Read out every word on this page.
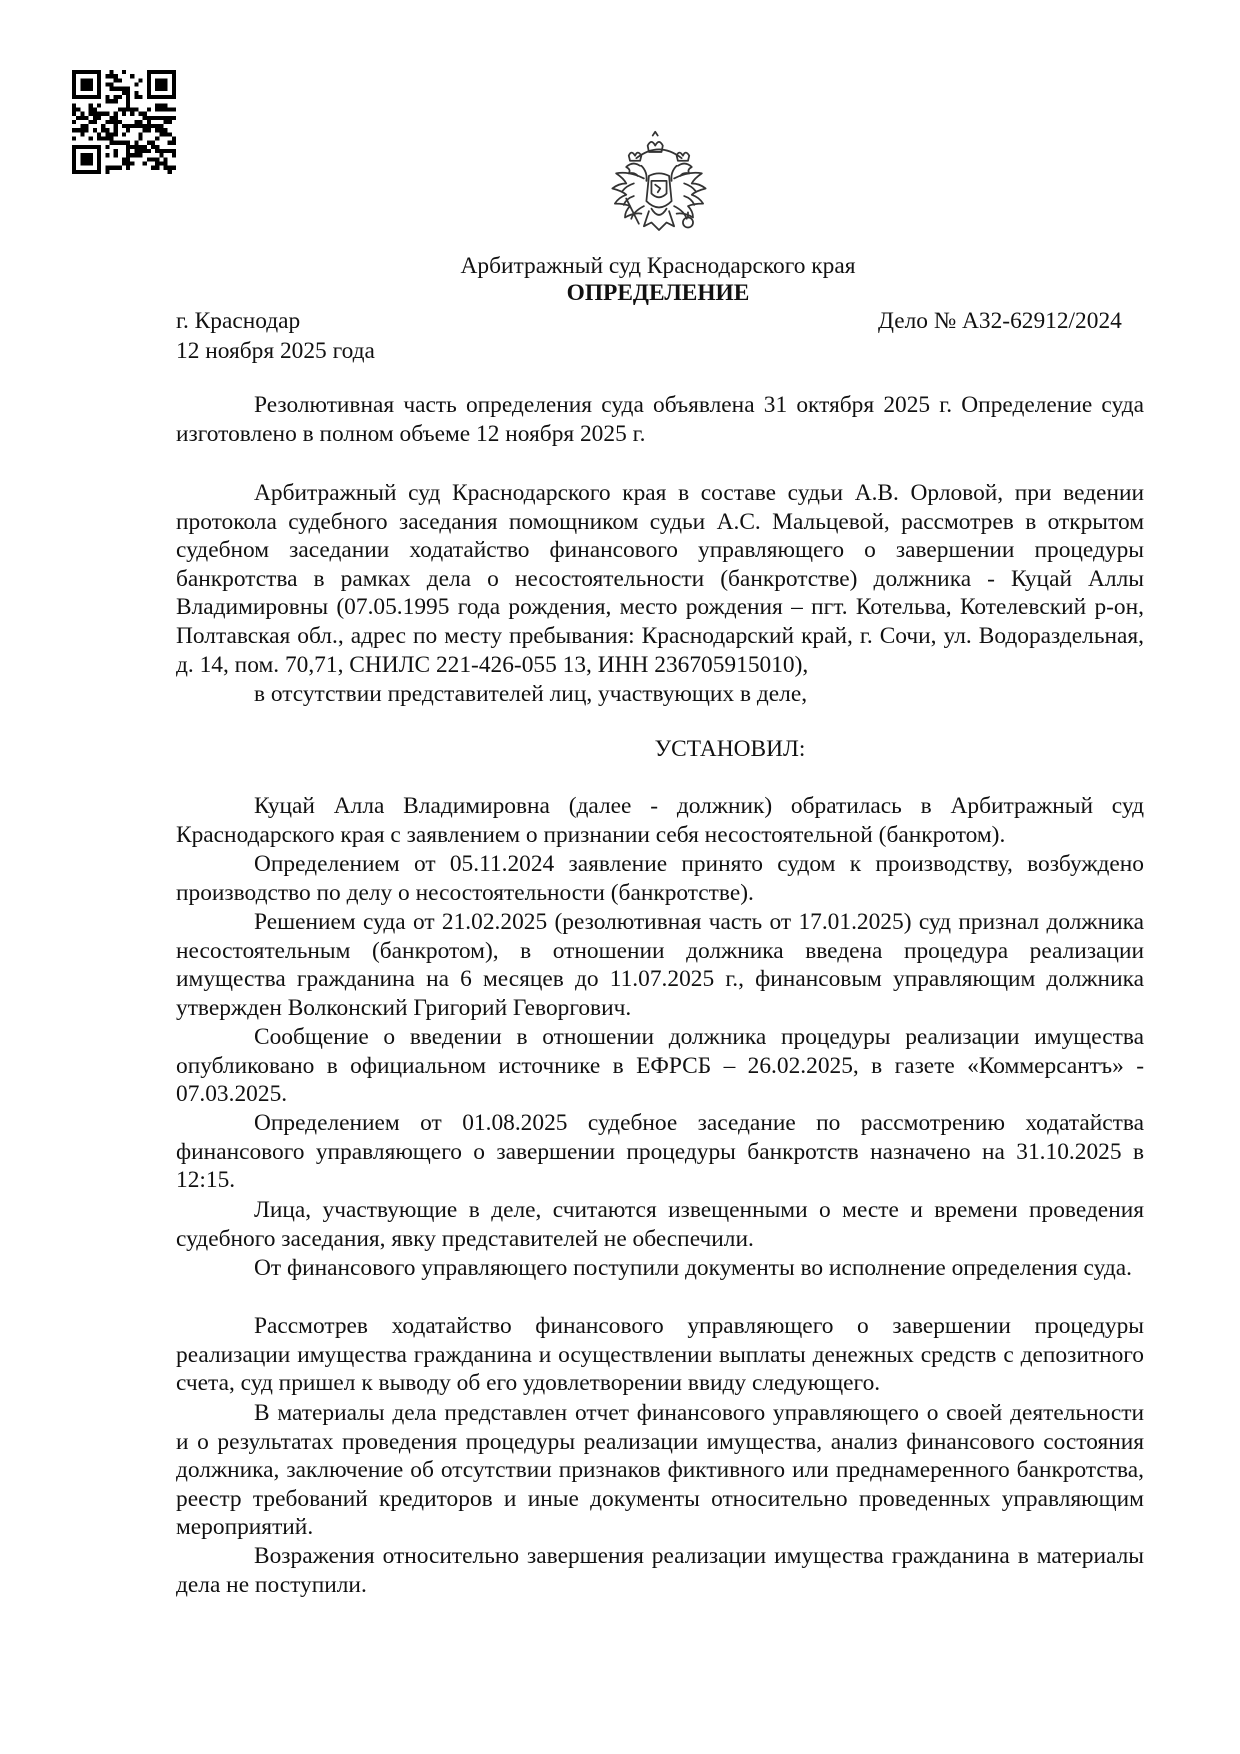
Арбитражный суд Краснодарского края
ОПРЕДЕЛЕНИЕ
г. Краснодар
12 ноября 2025 года
Дело № А32-62912/2024
Резолютивная часть определения суда объявлена 31 октября 2025 г. Определение суда изготовлено в полном объеме 12 ноября 2025 г.
Арбитражный суд Краснодарского края в составе судьи А.В. Орловой, при ведении протокола судебного заседания помощником судьи А.С. Мальцевой, рассмотрев в открытом судебном заседании ходатайство финансового управляющего о завершении процедуры банкротства в рамках дела о несостоятельности (банкротстве) должника - Куцай Аллы Владимировны (07.05.1995 года рождения, место рождения – пгт. Котельва, Котелевский р-он, Полтавская обл., адрес по месту пребывания: Краснодарский край, г. Сочи, ул. Водораздельная, д. 14, пом. 70,71, СНИЛС 221-426-055 13, ИНН 236705915010),
в отсутствии представителей лиц, участвующих в деле,
УСТАНОВИЛ:
Куцай Алла Владимировна (далее - должник) обратилась в Арбитражный суд Краснодарского края с заявлением о признании себя несостоятельной (банкротом).
Определением от 05.11.2024 заявление принято судом к производству, возбуждено производство по делу о несостоятельности (банкротстве).
Решением суда от 21.02.2025 (резолютивная часть от 17.01.2025) суд признал должника несостоятельным (банкротом), в отношении должника введена процедура реализации имущества гражданина на 6 месяцев до 11.07.2025 г., финансовым управляющим должника утвержден Волконский Григорий Геворгович.
Сообщение о введении в отношении должника процедуры реализации имущества опубликовано в официальном источнике в ЕФРСБ – 26.02.2025, в газете «Коммерсантъ» - 07.03.2025.
Определением от 01.08.2025 судебное заседание по рассмотрению ходатайства финансового управляющего о завершении процедуры банкротств назначено на 31.10.2025 в 12:15.
Лица, участвующие в деле, считаются извещенными о месте и времени проведения судебного заседания, явку представителей не обеспечили.
От финансового управляющего поступили документы во исполнение определения суда.
Рассмотрев ходатайство финансового управляющего о завершении процедуры реализации имущества гражданина и осуществлении выплаты денежных средств с депозитного счета, суд пришел к выводу об его удовлетворении ввиду следующего.
В материалы дела представлен отчет финансового управляющего о своей деятельности и о результатах проведения процедуры реализации имущества, анализ финансового состояния должника, заключение об отсутствии признаков фиктивного или преднамеренного банкротства, реестр требований кредиторов и иные документы относительно проведенных управляющим мероприятий.
Возражения относительно завершения реализации имущества гражданина в материалы дела не поступили.
